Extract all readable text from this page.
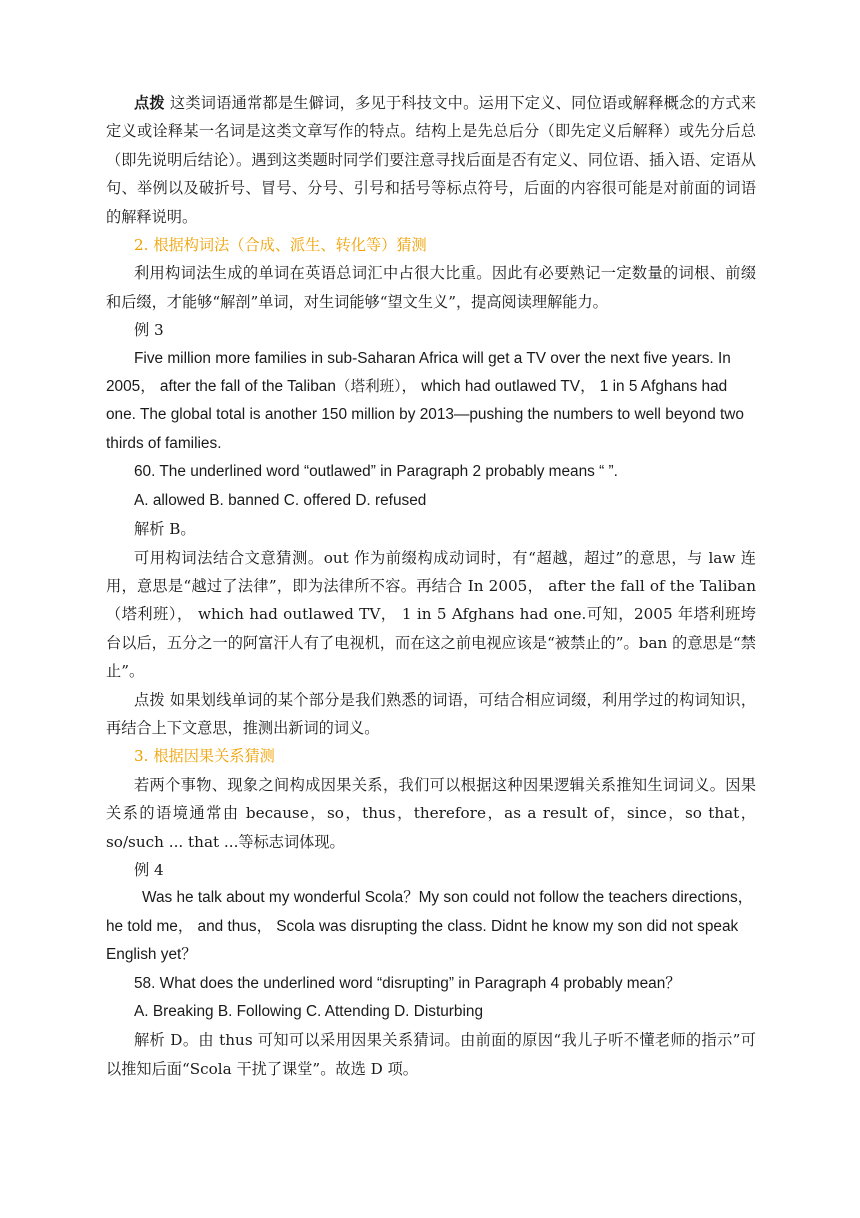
点拨 这类词语通常都是生僻词，多见于科技文中。运用下定义、同位语或解释概念的方式来定义或诠释某一名词是这类文章写作的特点。结构上是先总后分（即先定义后解释）或先分后总（即先说明后结论）。遇到这类题时同学们要注意寻找后面是否有定义、同位语、插入语、定语从句、举例以及破折号、冒号、分号、引号和括号等标点符号，后面的内容很可能是对前面的词语的解释说明。

2. 根据构词法（合成、派生、转化等）猜测

利用构词法生成的单词在英语总词汇中占很大比重。因此有必要熟记一定数量的词根、前缀和后缀，才能够“解剖”单词，对生词能够“望文生义”，提高阅读理解能力。

例 3

Five million more families in sub-Saharan Africa will get a TV over the next five years. In 2005， after the fall of the Taliban（塔利班）， which had outlawed TV， 1 in 5 Afghans had one. The global total is another 150 million by 2013—pushing the numbers to well beyond two thirds of families.

60. The underlined word “outlawed” in Paragraph 2 probably means “ ”.

A. allowed B. banned C. offered D. refused

解析 B。

可用构词法结合文意猜测。out 作为前缀构成动词时，有“超越，超过”的意思，与 law 连用，意思是“越过了法律”，即为法律所不容。再结合 In 2005， after the fall of the Taliban（塔利班）， which had outlawed TV， 1 in 5 Afghans had one.可知，2005 年塔利班垮台以后，五分之一的阿富汗人有了电视机，而在这之前电视应该是“被禁止的”。ban 的意思是“禁止”。

点拨 如果划线单词的某个部分是我们熟悉的词语，可结合相应词缀，利用学过的构词知识，再结合上下文意思，推测出新词的词义。

3. 根据因果关系猜测

若两个事物、现象之间构成因果关系，我们可以根据这种因果逻辑关系推知生词词义。因果关系的语境通常由 because，so，thus，therefore，as a result of，since，so that，so/such ... that ...等标志词体现。

例 4

Was he talk about my wonderful Scola？My son could not follow the teachers directions， he told me， and thus， Scola was disrupting the class. Didnt he know my son did not speak English yet？

58. What does the underlined word “disrupting” in Paragraph 4 probably mean？

A. Breaking B. Following C. Attending D. Disturbing

解析 D。由 thus 可知可以采用因果关系猜词。由前面的原因“我儿子听不懂老师的指示”可以推知后面“Scola 干扰了课堂”。故选 D 项。
